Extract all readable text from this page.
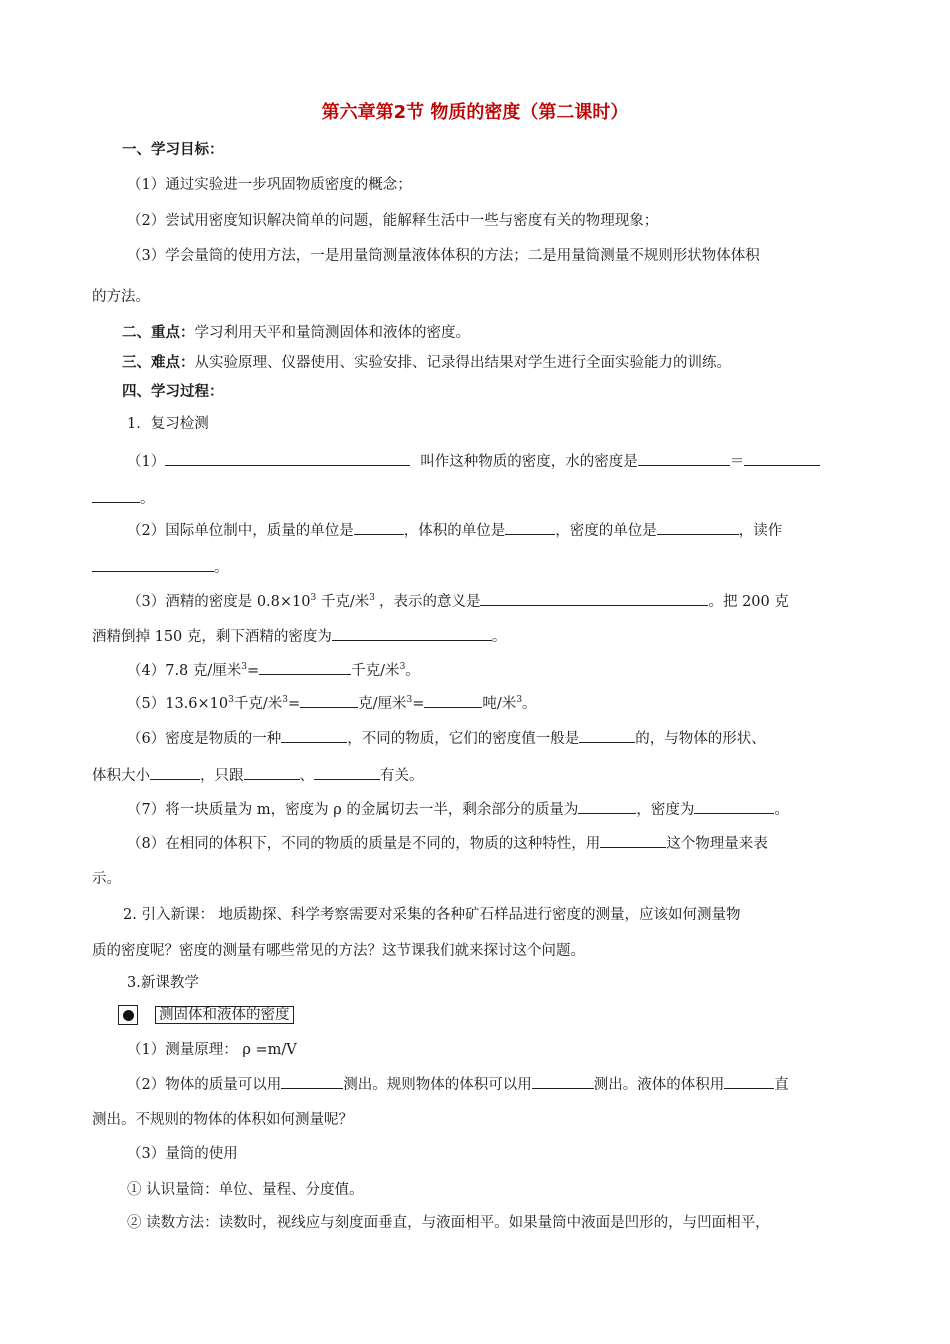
第六章第2节 物质的密度（第二课时）
一、学习目标：
（1）通过实验进一步巩固物质密度的概念；
（2）尝试用密度知识解决简单的问题，能解释生活中一些与密度有关的物理现象；
（3）学会量筒的使用方法，一是用量筒测量液体体积的方法；二是用量筒测量不规则形状物体体积
的方法。
二、重点：学习利用天平和量筒测固体和液体的密度。
三、难点：从实验原理、仪器使用、实验安排、记录得出结果对学生进行全面实验能力的训练。
四、学习过程：
1．复习检测
（1）	叫作这种物质的密度，水的密度是	＝
。
（2）国际单位制中，质量的单位是	，体积的单位是	，密度的单位是	，读作
。
（3）酒精的密度是 $0.8\times 10^3$ 千克/米$^3$ ，表示的意义是	。把 200 克
酒精倒掉 150 克，剩下酒精的密度为	。
（4）7.8 克/厘米$^3$=	千克/米$^3$。
$(5)13.6\times 10^3$千克/米$^3$=	克/厘米$^3$=	吨/米$^3$。
（6）密度是物质的一种	，不同的物质，它们的密度值一般是	的，与物体的形状、
体积大小	，只跟	、	有关。
（7）将一块质量为 m，密度为 ρ 的金属切去一半，剩余部分的质量为	，密度为	。
（8）在相同的体积下，不同的物质的质量是不同的，物质的这种特性，用	这个物理量来表
示。
2. 引入新课： 地质勘探、科学考察需要对采集的各种矿石样品进行密度的测量，应该如何测量物
质的密度呢？密度的测量有哪些常见的方法？这节课我们就来探讨这个问题。
3.新课教学
测固体和液体的密度
（1）测量原理： ρ =m/V
（2）物体的质量可以用	测出。规则物体的体积可以用	测出。液体的体积用	直
测出。不规则的物体的体积如何测量呢？
（3）量筒的使用
① 认识量筒：单位、量程、分度值。
② 读数方法：读数时，视线应与刻度面垂直，与液面相平。如果量筒中液面是凹形的，与凹面相平，
